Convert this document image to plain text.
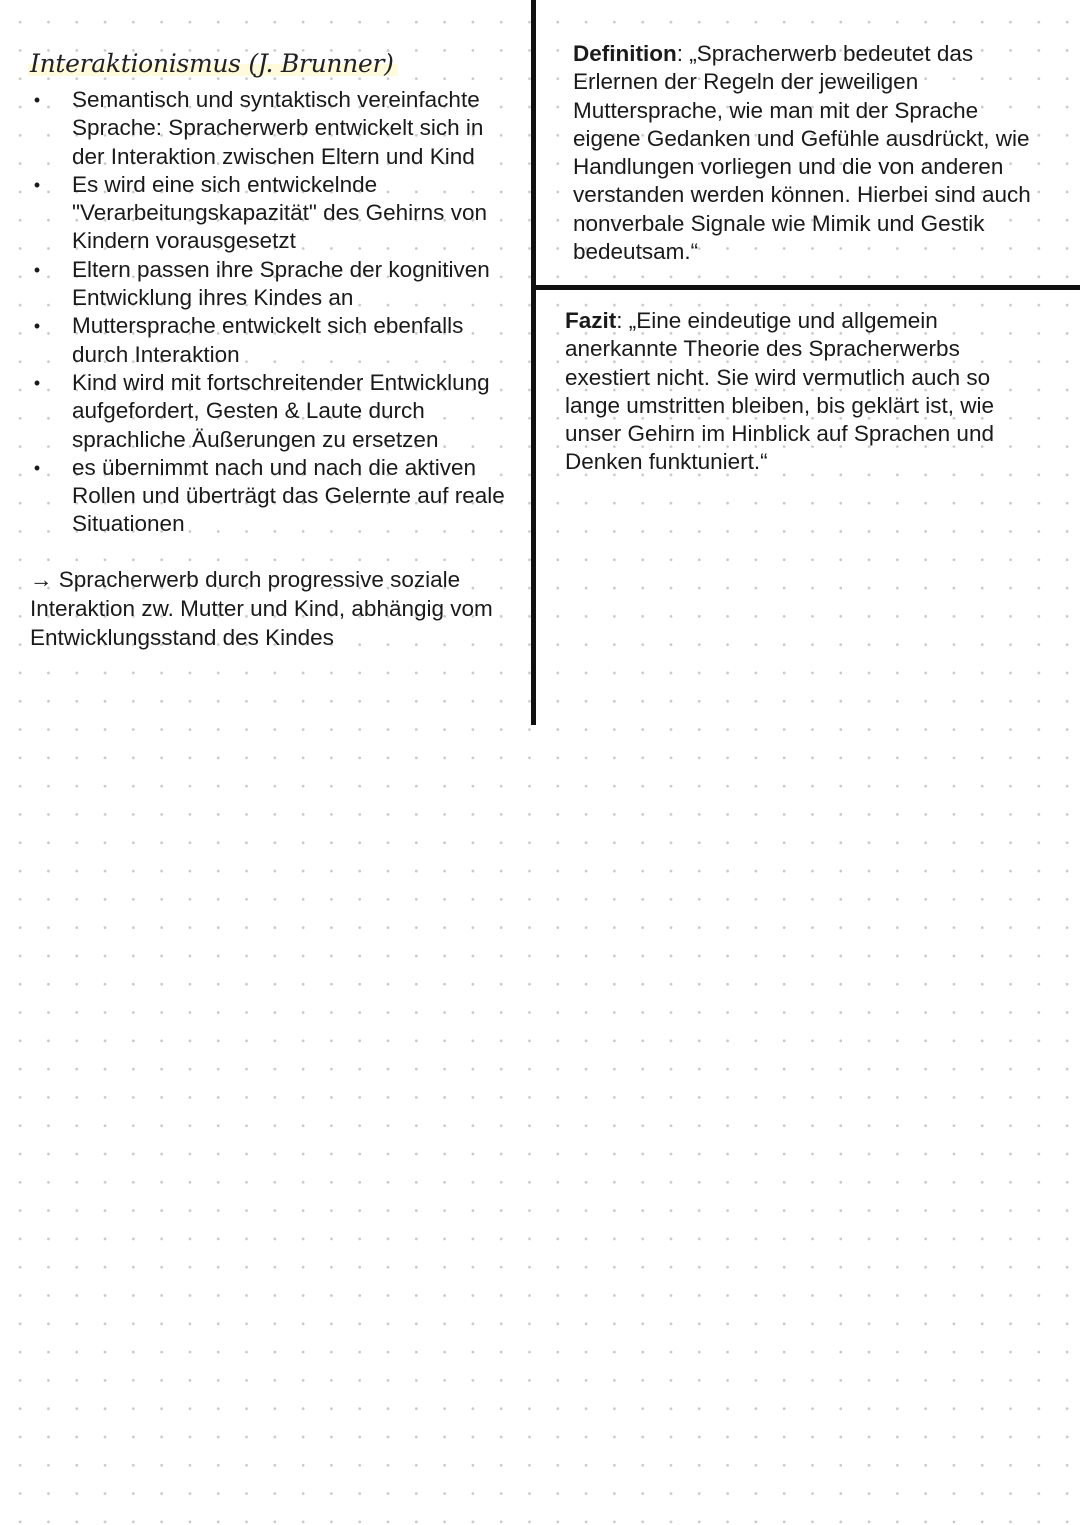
Interaktionismus (J. Brunner)
• Semantisch und syntaktisch vereinfachte Sprache: Spracherwerb entwickelt sich in der Interaktion zwischen Eltern und Kind
• Es wird eine sich entwickelnde "Verarbeitungskapazität" des Gehirns von Kindern vorausgesetzt
• Eltern passen ihre Sprache der kognitiven Entwicklung ihres Kindes an
• Muttersprache entwickelt sich ebenfalls durch Interaktion
• Kind wird mit fortschreitender Entwicklung aufgefordert, Gesten & Laute durch sprachliche Äußerungen zu ersetzen
• es übernimmt nach und nach die aktiven Rollen und überträgt das Gelernte auf reale Situationen
→ Spracherwerb durch progressive soziale Interaktion zw. Mutter und Kind, abhängig vom Entwicklungsstand des Kindes
Definition: „Spracherwerb bedeutet das Erlernen der Regeln der jeweiligen Muttersprache, wie man mit der Sprache eigene Gedanken und Gefühle ausdrückt, wie Handlungen vorliegen und die von anderen verstanden werden können. Hierbei sind auch nonverbale Signale wie Mimik und Gestik bedeutsam.“
Fazit: „Eine eindeutige und allgemein anerkannte Theorie des Spracherwerbs exestiert nicht. Sie wird vermutlich auch so lange umstritten bleiben, bis geklärt ist, wie unser Gehirn im Hinblick auf Sprachen und Denken funktuniert.“
